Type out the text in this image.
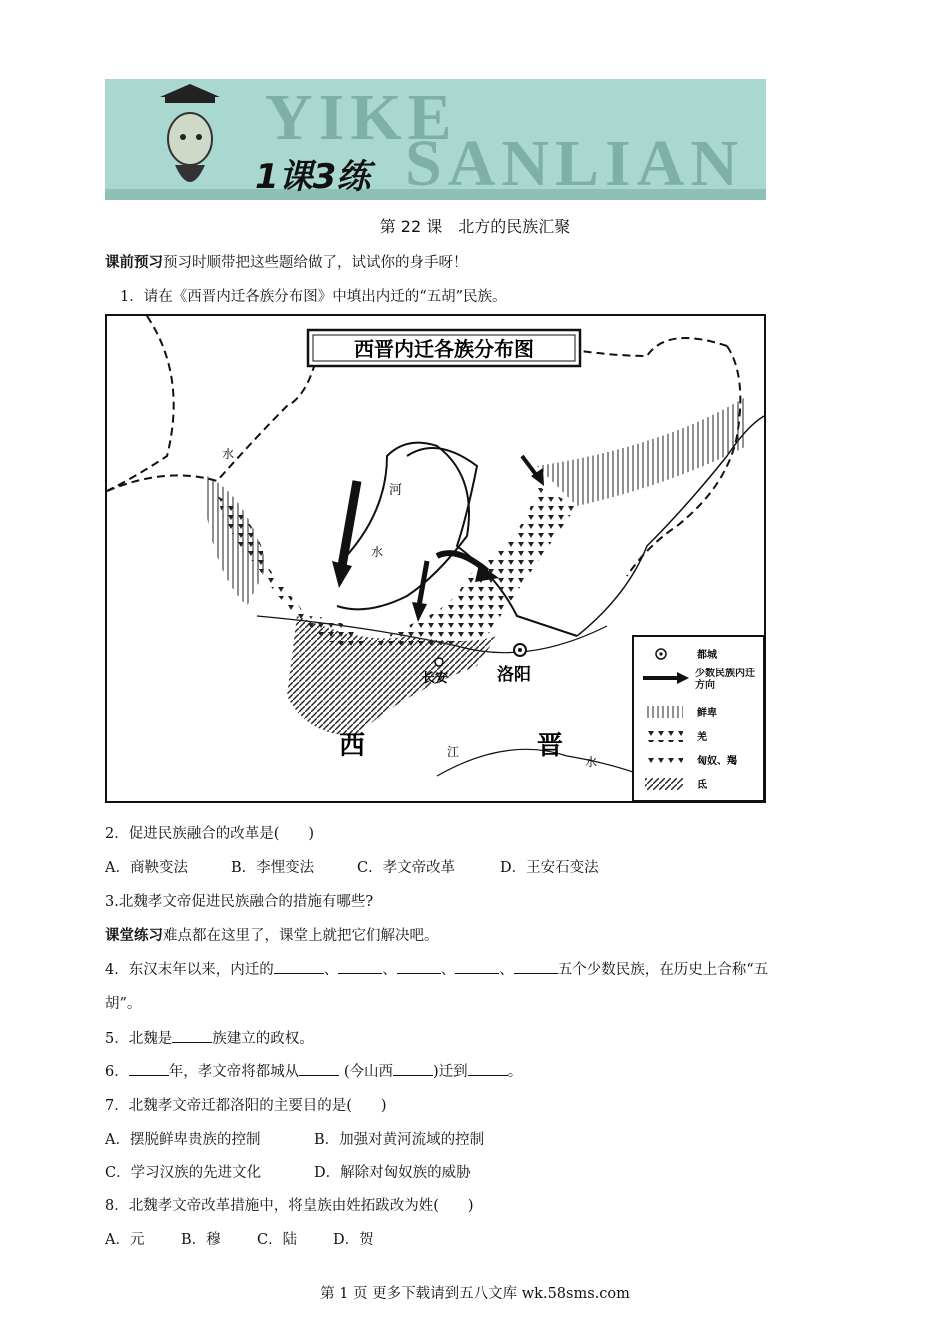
YIKE
SANLIAN
1课3练
第 22 课　北方的民族汇聚
课前预习预习时顺带把这些题给做了，试试你的身手呀！
1．请在《西晋内迁各族分布图》中填出内迁的“五胡”民族。
西晋内迁各族分布图
河
水
水
水
长安	洛阳
西	江	晋
都城
少数民族内迁方向
鲜卑
羌
匈奴、羯
氐
2．促进民族融合的改革是(　　)
A．商鞅变法	B．李悝变法	C．孝文帝改革	D．王安石变法
3.北魏孝文帝促进民族融合的措施有哪些?
课堂练习难点都在这里了，课堂上就把它们解决吧。
4．东汉末年以来，内迁的	、	、	、	、	五个少数民族，在历史上合称“五
胡”。
5．北魏是	族建立的政权。
6．	年，孝文帝将都城从	(今山西	)迁到	。
7．北魏孝文帝迁都洛阳的主要目的是(　　)
A．摆脱鲜卑贵族的控制	B．加强对黄河流域的控制
C．学习汉族的先进文化	D．解除对匈奴族的威胁
8．北魏孝文帝改革措施中，将皇族由姓拓跋改为姓(　　)
A．元	B．穆	C．陆 D．贺
第 1 页 更多下载请到五八文库 wk.58sms.com
